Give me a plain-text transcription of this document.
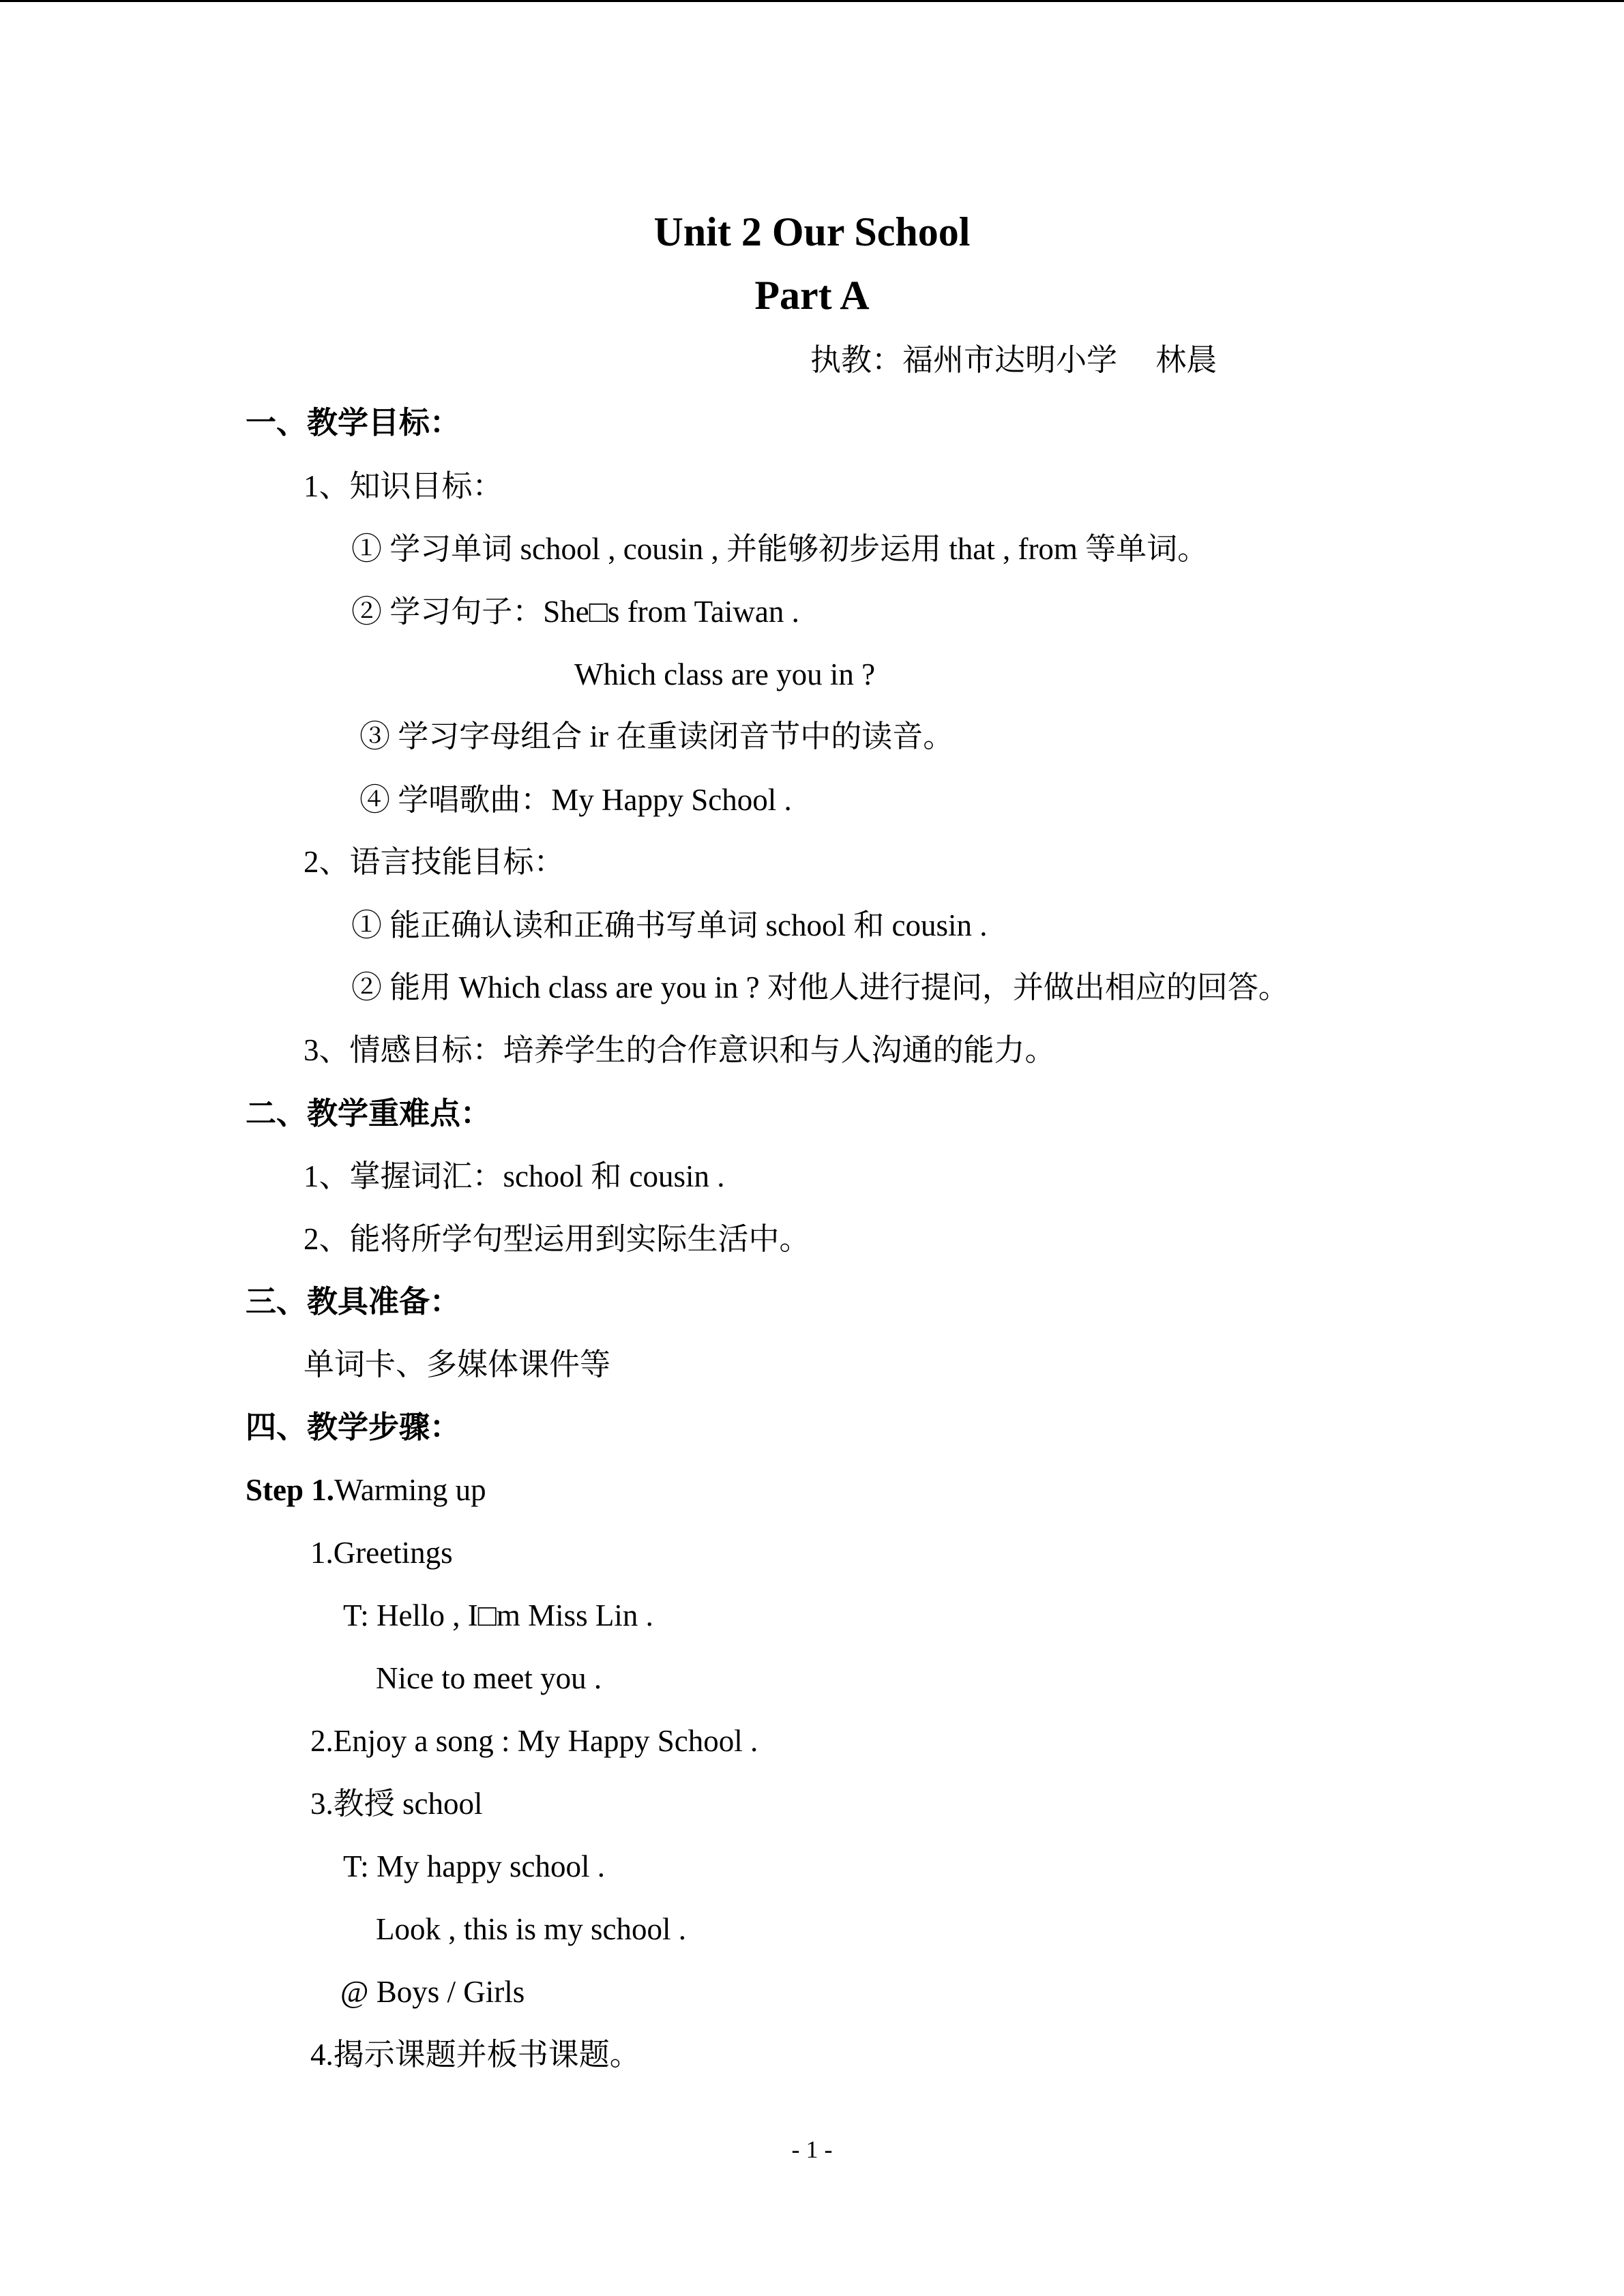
Unit 2 Our School
Part A
执教：福州市达明小学　 林晨
一、教学目标：
1、知识目标：
① 学习单词 school , cousin , 并能够初步运用 that , from 等单词。
② 学习句子：She□s from Taiwan .
Which class are you in ?
③ 学习字母组合 ir 在重读闭音节中的读音。
④ 学唱歌曲：My Happy School .
2、语言技能目标：
① 能正确认读和正确书写单词 school 和 cousin .
② 能用 Which class are you in ? 对他人进行提问，并做出相应的回答。
3、情感目标：培养学生的合作意识和与人沟通的能力。
二、教学重难点：
1、掌握词汇：school 和 cousin .
2、能将所学句型运用到实际生活中。
三、教具准备：
单词卡、多媒体课件等
四、教学步骤：
Step 1.Warming up
1.Greetings
T: Hello , I□m Miss Lin .
Nice to meet you .
2.Enjoy a song : My Happy School .
3.教授 school
T: My happy school .
Look , this is my school .
@ Boys / Girls
4.揭示课题并板书课题。
- 1 -
